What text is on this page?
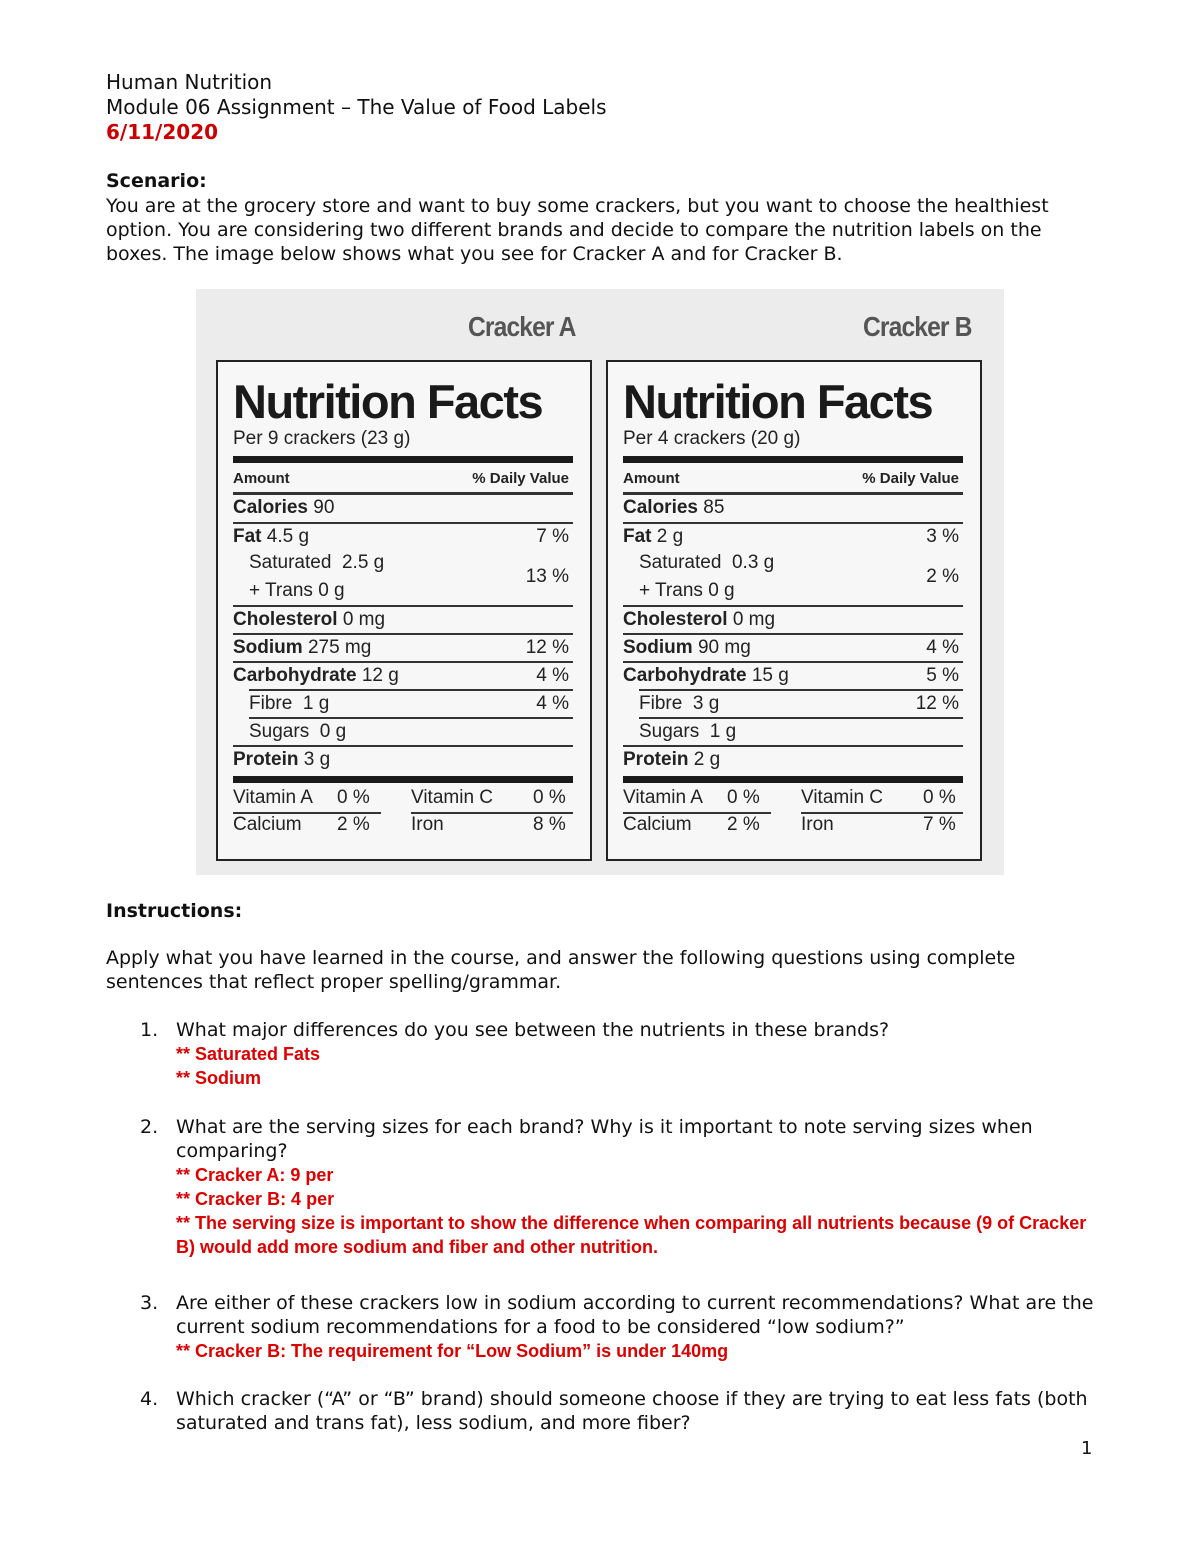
Human Nutrition
Module 06 Assignment – The Value of Food Labels
6/11/2020
Scenario:
You are at the grocery store and want to buy some crackers, but you want to choose the healthiest option. You are considering two different brands and decide to compare the nutrition labels on the boxes. The image below shows what you see for Cracker A and for Cracker B.
Cracker A	Cracker B
Nutrition Facts
Per 9 crackers (23 g)
Amount	% Daily Value
Calories 90
Fat 4.5 g	7 %
Saturated 2.5 g
13 %
+ Trans 0 g
Cholesterol 0 mg
Sodium 275 mg	12 %
Carbohydrate 12 g	4 %
Fibre 1 g	4 %
Sugars 0 g
Protein 3 g
Vitamin A 0 % Vitamin C 0 %
Calcium 2 % Iron	8 %
Nutrition Facts
Per 4 crackers (20 g)
Amount	% Daily Value
Calories 85
Fat 2 g	3 %
Saturated 0.3 g
2 %
+ Trans 0 g
Cholesterol 0 mg
Sodium 90 mg	4 %
Carbohydrate 15 g	5 %
Fibre 3 g	12 %
Sugars 1 g
Protein 2 g
Vitamin A 0 % Vitamin C 0 %
Calcium 2 % Iron	7 %
Instructions:
Apply what you have learned in the course, and answer the following questions using complete sentences that reflect proper spelling/grammar.
1. What major differences do you see between the nutrients in these brands?
** Saturated Fats
** Sodium
2. What are the serving sizes for each brand? Why is it important to note serving sizes when comparing?
** Cracker A: 9 per
** Cracker B: 4 per
** The serving size is important to show the difference when comparing all nutrients because (9 of Cracker B) would add more sodium and fiber and other nutrition.
3. Are either of these crackers low in sodium according to current recommendations? What are the current sodium recommendations for a food to be considered “low sodium?”
** Cracker B: The requirement for “Low Sodium” is under 140mg
4. Which cracker (“A” or “B” brand) should someone choose if they are trying to eat less fats (both saturated and trans fat), less sodium, and more fiber?
1
